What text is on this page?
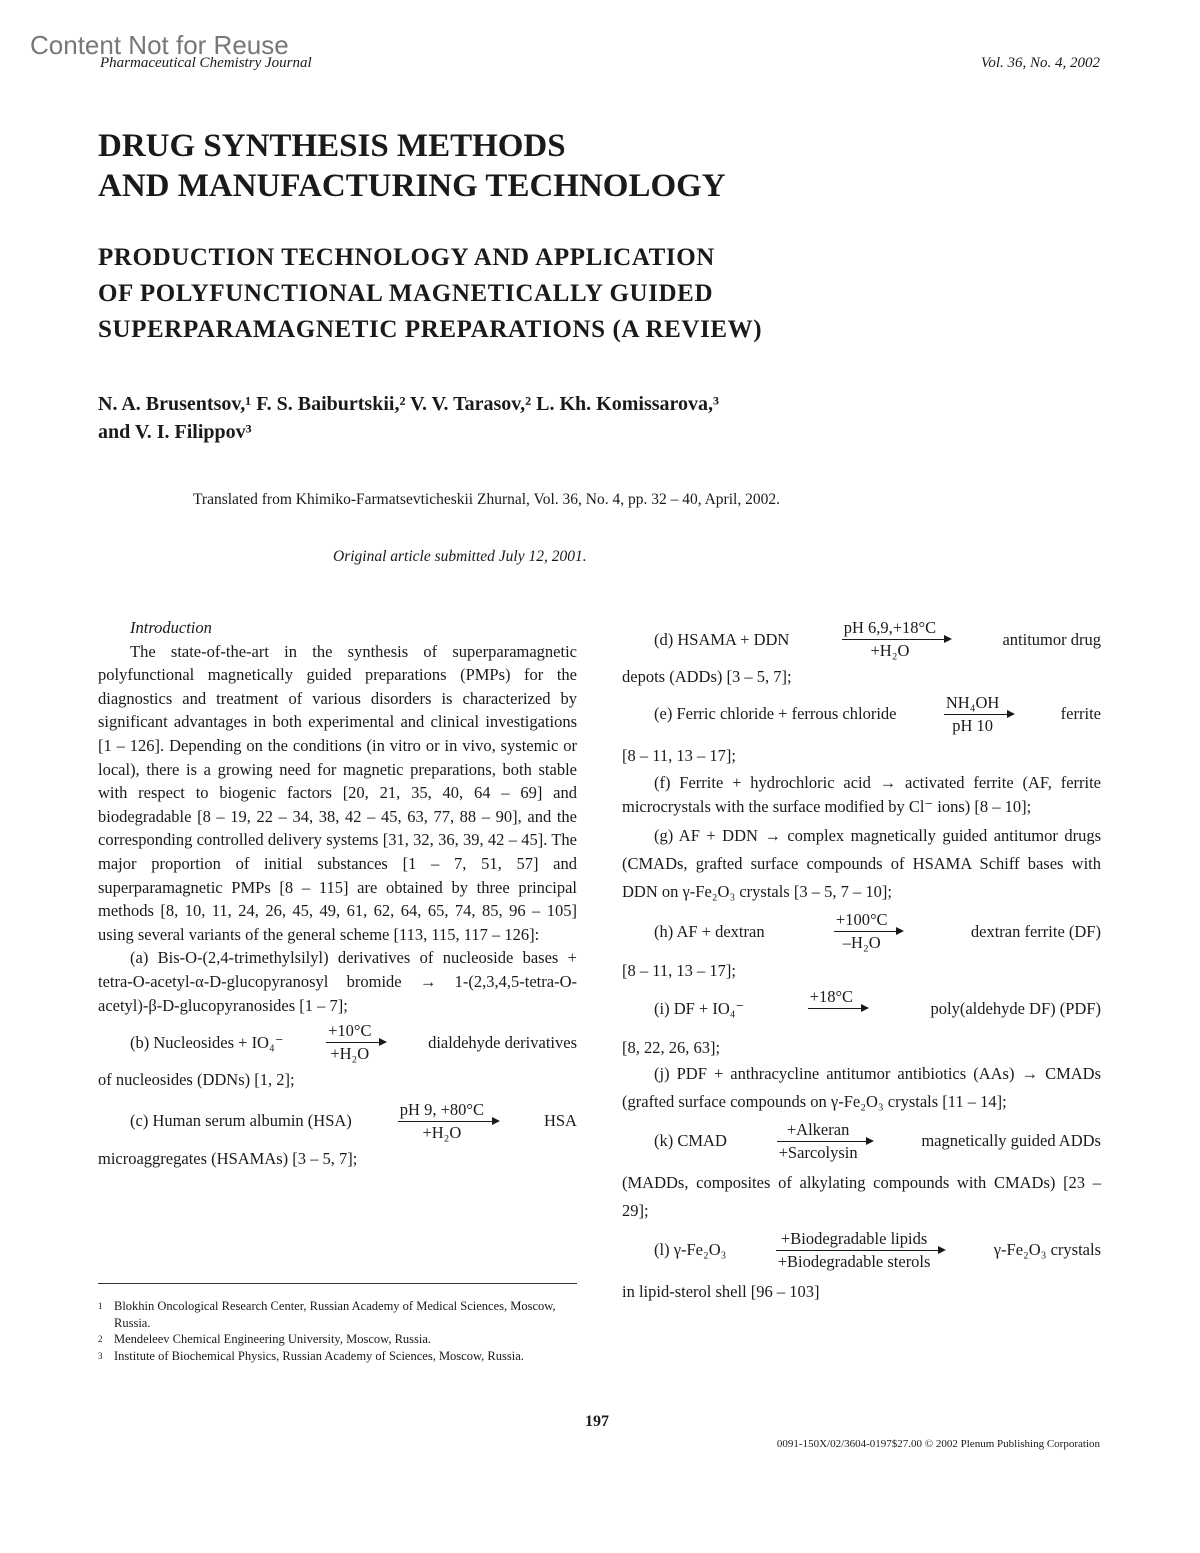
Content Not for Reuse
Pharmaceutical Chemistry Journal	Vol. 36, No. 4, 2002
DRUG SYNTHESIS METHODS
AND MANUFACTURING TECHNOLOGY
PRODUCTION TECHNOLOGY AND APPLICATION
OF POLYFUNCTIONAL MAGNETICALLY GUIDED
SUPERPARAMAGNETIC PREPARATIONS (A REVIEW)
N. A. Brusentsov,¹ F. S. Baiburtskii,² V. V. Tarasov,² L. Kh. Komissarova,³
and V. I. Filippov³
Translated from Khimiko-Farmatsevticheskii Zhurnal, Vol. 36, No. 4, pp. 32 – 40, April, 2002.
Original article submitted July 12, 2001.

Introduction

The state-of-the-art in the synthesis of superparamagnetic polyfunctional magnetically guided preparations (PMPs) for the diagnostics and treatment of various disorders is characterized by significant advantages in both experimental and clinical investigations [1 – 126]. Depending on the conditions (in vitro or in vivo, systemic or local), there is a growing need for magnetic preparations, both stable with respect to biogenic factors [20, 21, 35, 40, 64 – 69] and biodegradable [8 – 19, 22 – 34, 38, 42 – 45, 63, 77, 88 – 90], and the corresponding controlled delivery systems [31, 32, 36, 39, 42 – 45]. The major proportion of initial substances [1 – 7, 51, 57] and superparamagnetic PMPs [8 – 115] are obtained by three principal methods [8, 10, 11, 24, 26, 45, 49, 61, 62, 64, 65, 74, 85, 96 – 105] using several variants of the general scheme [113, 115, 117 – 126]:

(a) Bis-O-(2,4-trimethylsilyl) derivatives of nucleoside bases + tetra-O-acetyl-α-D-glucopyranosyl bromide → 1-(2,3,4,5-tetra-O-acetyl)-β-D-glucopyranosides [1 – 7];

(b) Nucleosides + IO₄⁻
+10°C
+H₂O
dialdehyde derivatives

of nucleosides (DDNs) [1, 2];

(c) Human serum albumin (HSA)
pH 9, +80°C
+H₂O
HSA

microaggregates (HSAMAs) [3 – 5, 7];

(d) HSAMA + DDN
pH 6,9,+18°C
+H₂O
antitumor drug

depots (ADDs) [3 – 5, 7];

(e) Ferric chloride + ferrous chloride
NH₄OH
pH 10
ferrite

[8 – 11, 13 – 17];

(f) Ferrite + hydrochloric acid → activated ferrite (AF, ferrite microcrystals with the surface modified by Cl⁻ ions) [8 – 10];

(g) AF + DDN → complex magnetically guided antitumor drugs (CMADs, grafted surface compounds of HSAMA Schiff bases with DDN on γ-Fe₂O₃ crystals [3 – 5, 7 – 10];

(h) AF + dextran
+100°C
–H₂O
dextran ferrite (DF)

[8 – 11, 13 – 17];

(i) DF + IO₄⁻
+18°C

poly(aldehyde DF) (PDF)

[8, 22, 26, 63];

(j) PDF + anthracycline antitumor antibiotics (AAs) → CMADs (grafted surface compounds on γ-Fe₂O₃ crystals [11 – 14];

(k) CMAD
+Alkeran
+Sarcolysin
magnetically guided ADDs

(MADDs, composites of alkylating compounds with CMADs) [23 – 29];

(l) γ-Fe₂O₃
+Biodegradable lipids
+Biodegradable sterols
γ-Fe₂O₃ crystals

in lipid-sterol shell [96 – 103]

1 Blokhin Oncological Research Center, Russian Academy of Medical Sciences, Moscow, Russia.
2 Mendeleev Chemical Engineering University, Moscow, Russia.
3 Institute of Biochemical Physics, Russian Academy of Sciences, Moscow, Russia.
197
0091-150X/02/3604-0197$27.00 © 2002 Plenum Publishing Corporation
